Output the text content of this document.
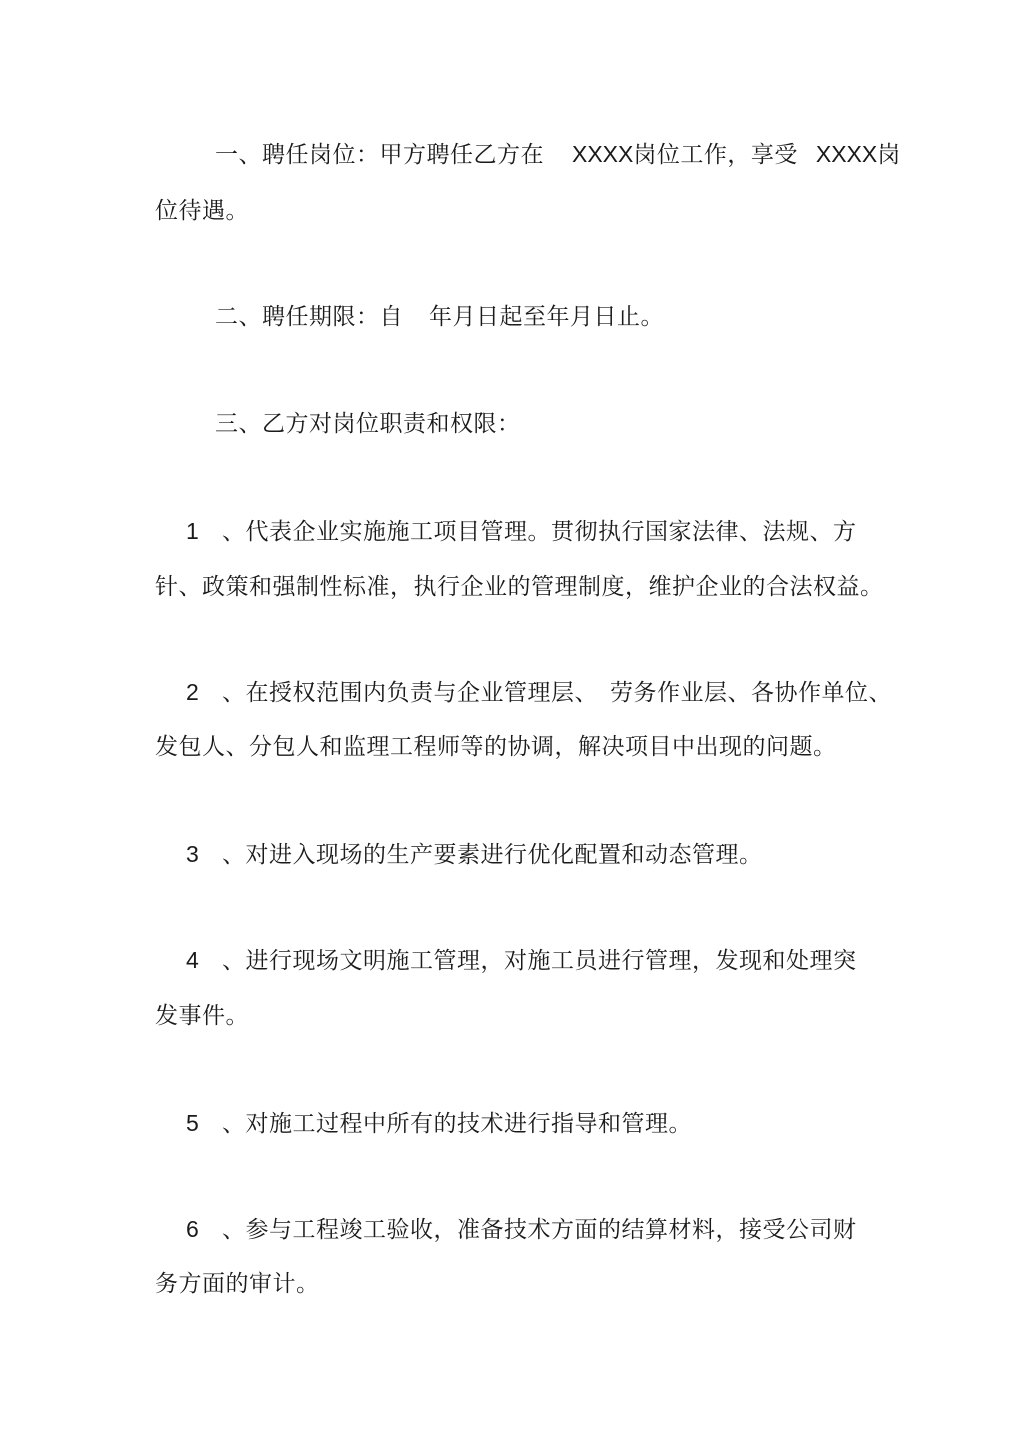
一、聘任岗位：甲方聘任乙方在 XXXX岗位工作，享受 XXXX岗
位待遇。
二、聘任期限：自 年月日起至年月日止。
三、乙方对岗位职责和权限：
1 、代表企业实施施工项目管理。贯彻执行国家法律、法规、方
针、政策和强制性标准，执行企业的管理制度，维护企业的合法权益。
2 、在授权范围内负责与企业管理层、 劳务作业层、各协作单位、
发包人、分包人和监理工程师等的协调，解决项目中出现的问题。
3 、对进入现场的生产要素进行优化配置和动态管理。
4 、进行现场文明施工管理，对施工员进行管理，发现和处理突
发事件。
5 、对施工过程中所有的技术进行指导和管理。
6 、参与工程竣工验收，准备技术方面的结算材料，接受公司财
务方面的审计。
